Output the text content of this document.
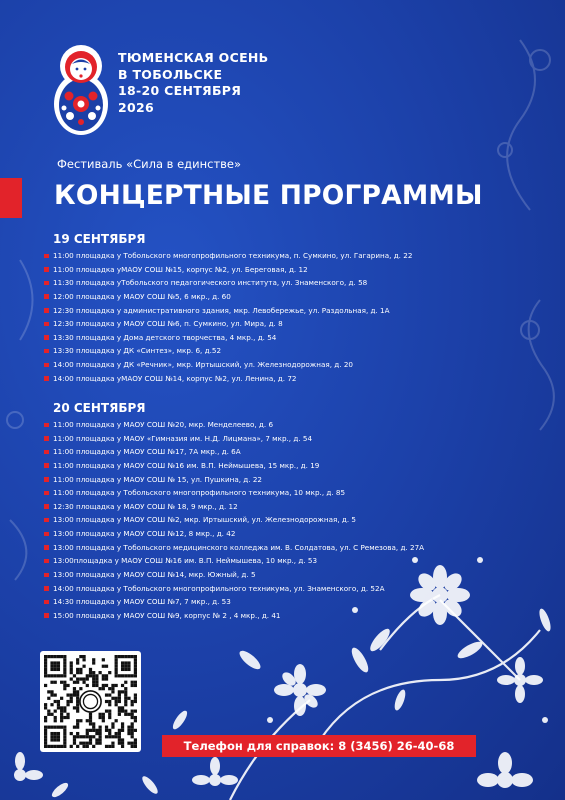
ТЮМЕНСКАЯ ОСЕНЬ
В ТОБОЛЬСКЕ
18-20 СЕНТЯБРЯ
2026
Фестиваль «Сила в единстве»
КОНЦЕРТНЫЕ ПРОГРАММЫ
19 СЕНТЯБРЯ
11:00 площадка у Тобольского многопрофильного техникума, п. Сумкино, ул. Гагарина, д. 22
11:00 площадка уМАОУ СОШ №15, корпус №2, ул. Береговая, д. 12
11:30 площадка уТобольского педагогического института, ул. Знаменского, д. 58
12:00 площадка у МАОУ СОШ №5, 6 мкр., д. 60
12:30 площадка у административного здания, мкр. Левобережье, ул. Раздольная, д. 1А
12:30 площадка у МАОУ СОШ №6, п. Сумкино, ул. Мира, д. 8
13:30 площадка у Дома детского творчества, 4 мкр., д. 54
13:30 площадка у ДК «Синтез», мкр. 6, д.52
14:00 площадка у ДК «Речник», мкр. Иртышский, ул. Железнодорожная, д. 20
14:00 площадка уМАОУ СОШ №14, корпус №2, ул. Ленина, д. 72
20 СЕНТЯБРЯ
11:00 площадка у МАОУ СОШ №20, мкр. Менделеево, д. 6
11:00 площадка у МАОУ «Гимназия им. Н.Д. Лицмана», 7 мкр., д. 54
11:00 площадка у МАОУ СОШ №17, 7А мкр., д. 6А
11:00 площадка у МАОУ СОШ №16 им. В.П. Неймышева, 15 мкр., д. 19
11:00 площадка у МАОУ СОШ № 15, ул. Пушкина, д. 22
11:00 площадка у Тобольского многопрофильного техникума, 10 мкр., д. 85
12:30 площадка у МАОУ СОШ № 18, 9 мкр., д. 12
13:00 площадка у МАОУ СОШ №2, мкр. Иртышский, ул. Железнодорожная, д. 5
13:00 площадка у МАОУ СОШ №12, 8 мкр., д. 42
13:00 площадка у Тобольского медицинского колледжа им. В. Солдатова, ул. С Ремезова, д. 27А
13:00площадка у МАОУ СОШ №16 им. В.П. Неймышева, 10 мкр., д. 53
13:00 площадка у МАОУ СОШ №14, мкр. Южный, д. 5
14:00 площадка у Тобольского многопрофильного техникума, ул. Знаменского, д. 52А
14:30 площадка у МАОУ СОШ №7, 7 мкр., д. 53
15:00 площадка у МАОУ СОШ №9, корпус № 2 , 4 мкр., д. 41
Телефон для справок: 8 (3456) 26-40-68
